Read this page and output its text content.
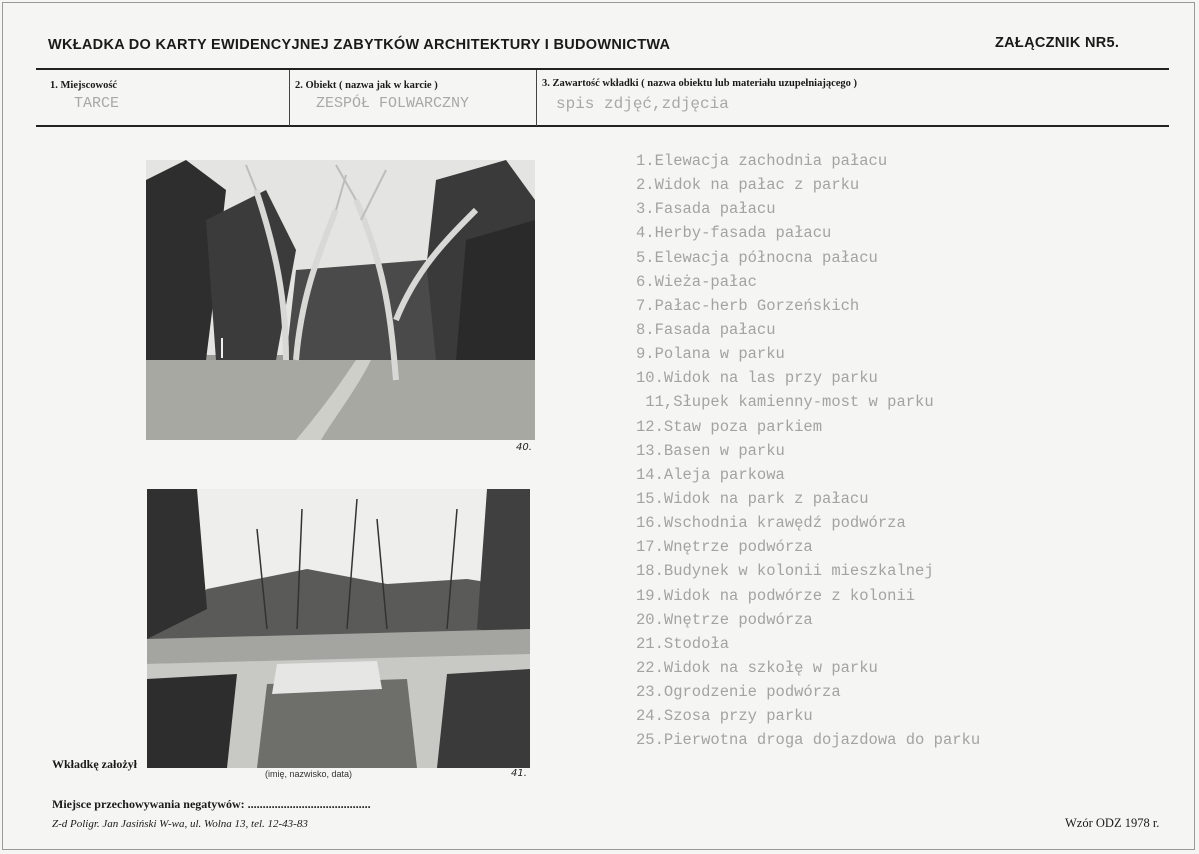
WKŁADKA DO KARTY EWIDENCYJNEJ ZABYTKÓW ARCHITEKTURY I BUDOWNICTWA	ZAŁĄCZNIK NR5.
1. Miejscowość
TARCE
2. Obiekt ( nazwa jak w karcie )
ZESPÓŁ FOLWARCZNY
3. Zawartość wkładki ( nazwa obiektu lub materiału uzupełniającego )
spis zdjęć,zdjęcia
40.
41.
1.Elewacja zachodnia pałacu
2.Widok na pałac z parku
3.Fasada pałacu
4.Herby-fasada pałacu
5.Elewacja północna pałacu
6.Wieża-pałac
7.Pałac-herb Gorzeńskich
8.Fasada pałacu
9.Polana w parku
10.Widok na las przy parku
11,Słupek kamienny-most w parku
12.Staw poza parkiem
13.Basen w parku
14.Aleja parkowa
15.Widok na park z pałacu
16.Wschodnia krawędź podwórza
17.Wnętrze podwórza
18.Budynek w kolonii mieszkalnej
19.Widok na podwórze z kolonii
20.Wnętrze podwórza
21.Stodoła
22.Widok na szkołę w parku
23.Ogrodzenie podwórza
24.Szosa przy parku
25.Pierwotna droga dojazdowa do parku
Wkładkę założył
(imię, nazwisko, data)
Miejsce przechowywania negatywów: .........................................
Z-d Poligr. Jan Jasiński W-wa, ul. Wolna 13, tel. 12-43-83	Wzór ODZ 1978 r.
